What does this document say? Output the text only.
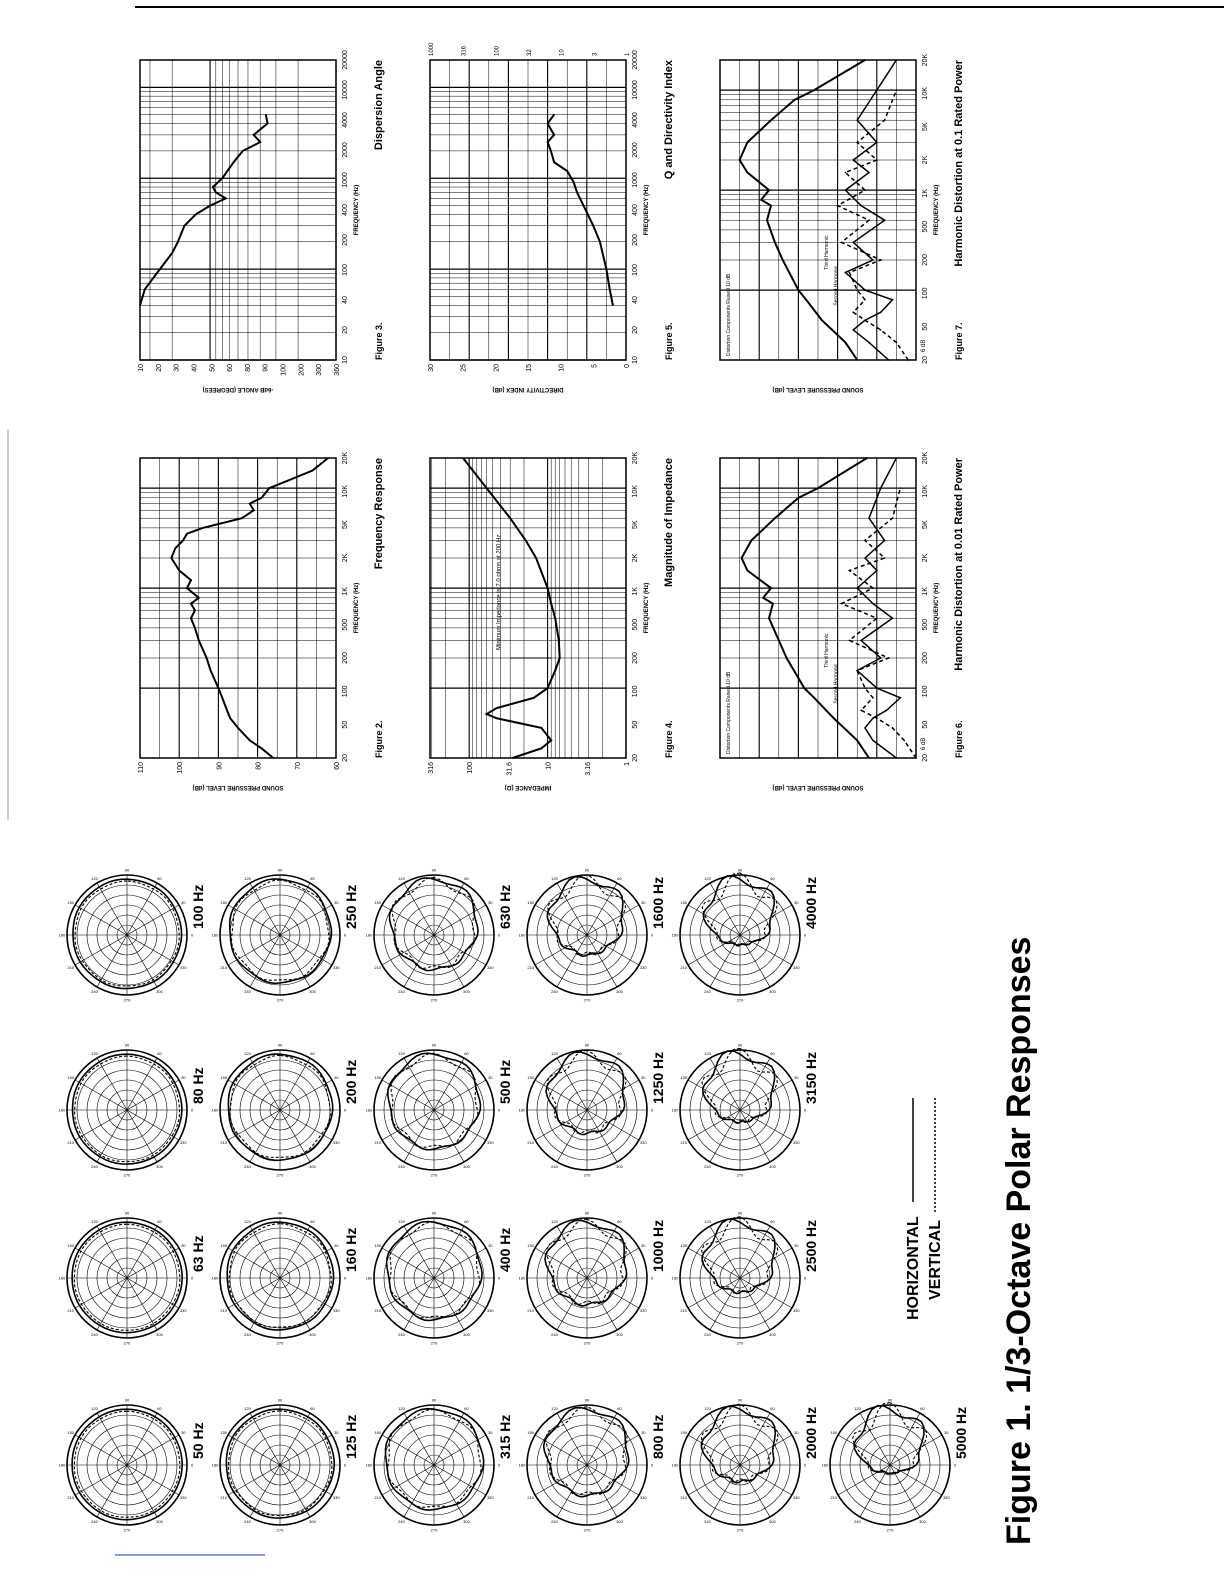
0
30
60
90
120
150
180
210
240
270
300
330
50 Hz
0
30
60
90
120
150
180
210
240
270
300
330
63 Hz
0
30
60
90
120
150
180
210
240
270
300
330
80 Hz
0
30
60
90
120
150
180
210
240
270
300
330
100 Hz
0
30
60
90
120
150
180
210
240
270
300
330
125 Hz
0
30
60
90
120
150
180
210
240
270
300
330
160 Hz
0
30
60
90
120
150
180
210
240
270
300
330
200 Hz
0
30
60
90
120
150
180
210
240
270
300
330
250 Hz
0
30
60
90
120
150
180
210
240
270
300
330
315 Hz
0
30
60
90
120
150
180
210
240
270
300
330
400 Hz
0
30
60
90
120
150
180
210
240
270
300
330
500 Hz
0
30
60
90
120
150
180
210
240
270
300
330
630 Hz
0
30
60
90
120
150
180
210
240
270
300
330
800 Hz
0
30
60
90
120
150
180
210
240
270
300
330
1000 Hz
0
30
60
90
120
150
180
210
240
270
300
330
1250 Hz
0
30
60
90
120
150
180
210
240
270
300
330
1600 Hz
0
30
60
90
120
150
180
210
240
270
300
330
2000 Hz
0
30
60
90
120
150
180
210
240
270
300
330
2500 Hz
0
30
60
90
120
150
180
210
240
270
300
330
3150 Hz
0
30
60
90
120
150
180
210
240
270
300
330
4000 Hz
0
30
60
90
120
150
180
210
240
270
300
330
5000 Hz
20
50
100
200
500
1K
2K
5K
10K
20K
60
70
80
90
100
110
FREQUENCY (Hz)
SOUND PRESSURE LEVEL (dB)
Frequency Response
Figure 2.
10
20
40
100
200
400
1000
2000
4000
10000
20000
360
300
200
100
90
80
60
50
40
30
20
10
FREQUENCY (Hz)
-6dB ANGLE (DEGREES)
Dispersion Angle
Figure 3.
20
50
100
200
500
1K
2K
5K
10K
20K
1
3.16
10
31.6
100
316
FREQUENCY (Hz)
IMPEDANCE (Ω)
Magnitude of Impedance
Figure 4.
Minimum Impedance is 7.0 ohms at 200 Hz
10
20
40
100
200
400
1000
2000
4000
10000
20000
0
5
10
15
20
25
30
1000	316	100	32	10	3	1
FREQUENCY (Hz)
DIRECTIVITY INDEX (dB)
Q and Directivity Index
Figure 5.
20
50
100
200
500
1K
2K
5K
10K
20K
FREQUENCY (Hz)
SOUND PRESSURE LEVEL (dB)
Harmonic Distortion at 0.01 Rated Power
Figure 6.
Distortion Components Raised 10 dB	Second Harmonic
Third Harmonic
6 dB
20
50
100
200
500
1K
2K
5K
10K
20K
FREQUENCY (Hz)
SOUND PRESSURE LEVEL (dB)
Harmonic Distortion at 0.1 Rated Power
Figure 7.
Distortion Components Raised 10 dB	Second Harmonic
Third Harmonic
6 dB
HORIZONTAL VERTICAL Figure 1. 1/3-Octave Polar Responses
